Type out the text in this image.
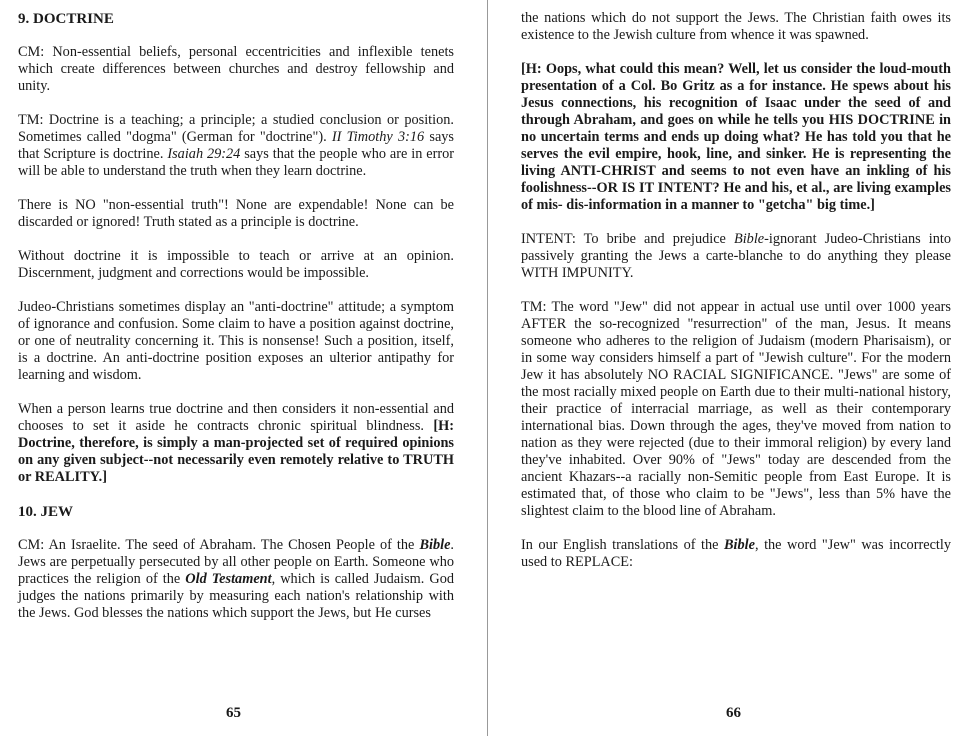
9. DOCTRINE

CM: Non-essential beliefs, personal eccentricities and inflexible tenets which create differences between churches and destroy fellowship and unity.

TM: Doctrine is a teaching; a principle; a studied conclusion or position. Sometimes called "dogma" (German for "doctrine"). II Timothy 3:16 says that Scripture is doctrine. Isaiah 29:24 says that the people who are in error will be able to understand the truth when they learn doctrine.

There is NO "non-essential truth"! None are expendable! None can be discarded or ignored! Truth stated as a principle is doctrine.

Without doctrine it is impossible to teach or arrive at an opinion. Discernment, judgment and corrections would be impossible.

Judeo-Christians sometimes display an "anti-doctrine" attitude; a symptom of ignorance and confusion. Some claim to have a position against doctrine, or one of neutrality concerning it. This is nonsense! Such a position, itself, is a doctrine. An anti-doctrine position exposes an ulterior antipathy for learning and wisdom.

When a person learns true doctrine and then considers it non-essential and chooses to set it aside he contracts chronic spiritual blindness. [H: Doctrine, therefore, is simply a man-projected set of required opinions on any given subject--not necessarily even remotely relative to TRUTH or REALITY.]

10. JEW

CM: An Israelite. The seed of Abraham. The Chosen People of the Bible. Jews are perpetually persecuted by all other people on Earth. Someone who practices the religion of the Old Testament, which is called Judaism. God judges the nations primarily by measuring each nation's relationship with the Jews. God blesses the nations which support the Jews, but He curses

65

the nations which do not support the Jews. The Christian faith owes its existence to the Jewish culture from whence it was spawned.

[H: Oops, what could this mean? Well, let us consider the loud-mouth presentation of a Col. Bo Gritz as a for instance. He spews about his Jesus connections, his recognition of Isaac under the seed of and through Abraham, and goes on while he tells you HIS DOCTRINE in no uncertain terms and ends up doing what? He has told you that he serves the evil empire, hook, line, and sinker. He is representing the living ANTI-CHRIST and seems to not even have an inkling of his foolishness--OR IS IT INTENT? He and his, et al., are living examples of mis- dis-information in a manner to "getcha" big time.]

INTENT: To bribe and prejudice Bible-ignorant Judeo-Christians into passively granting the Jews a carte-blanche to do anything they please WITH IMPUNITY.

TM: The word "Jew" did not appear in actual use until over 1000 years AFTER the so-recognized "resurrection" of the man, Jesus. It means someone who adheres to the religion of Judaism (modern Pharisaism), or in some way considers himself a part of "Jewish culture". For the modern Jew it has absolutely NO RACIAL SIGNIFICANCE. "Jews" are some of the most racially mixed people on Earth due to their multi-national history, their practice of interracial marriage, as well as their contemporary international bias. Down through the ages, they've moved from nation to nation as they were rejected (due to their immoral religion) by every land they've inhabited. Over 90% of "Jews" today are descended from the ancient Khazars--a racially non-Semitic people from East Europe. It is estimated that, of those who claim to be "Jews", less than 5% have the slightest claim to the blood line of Abraham.

In our English translations of the Bible, the word "Jew" was incorrectly used to REPLACE:

66
